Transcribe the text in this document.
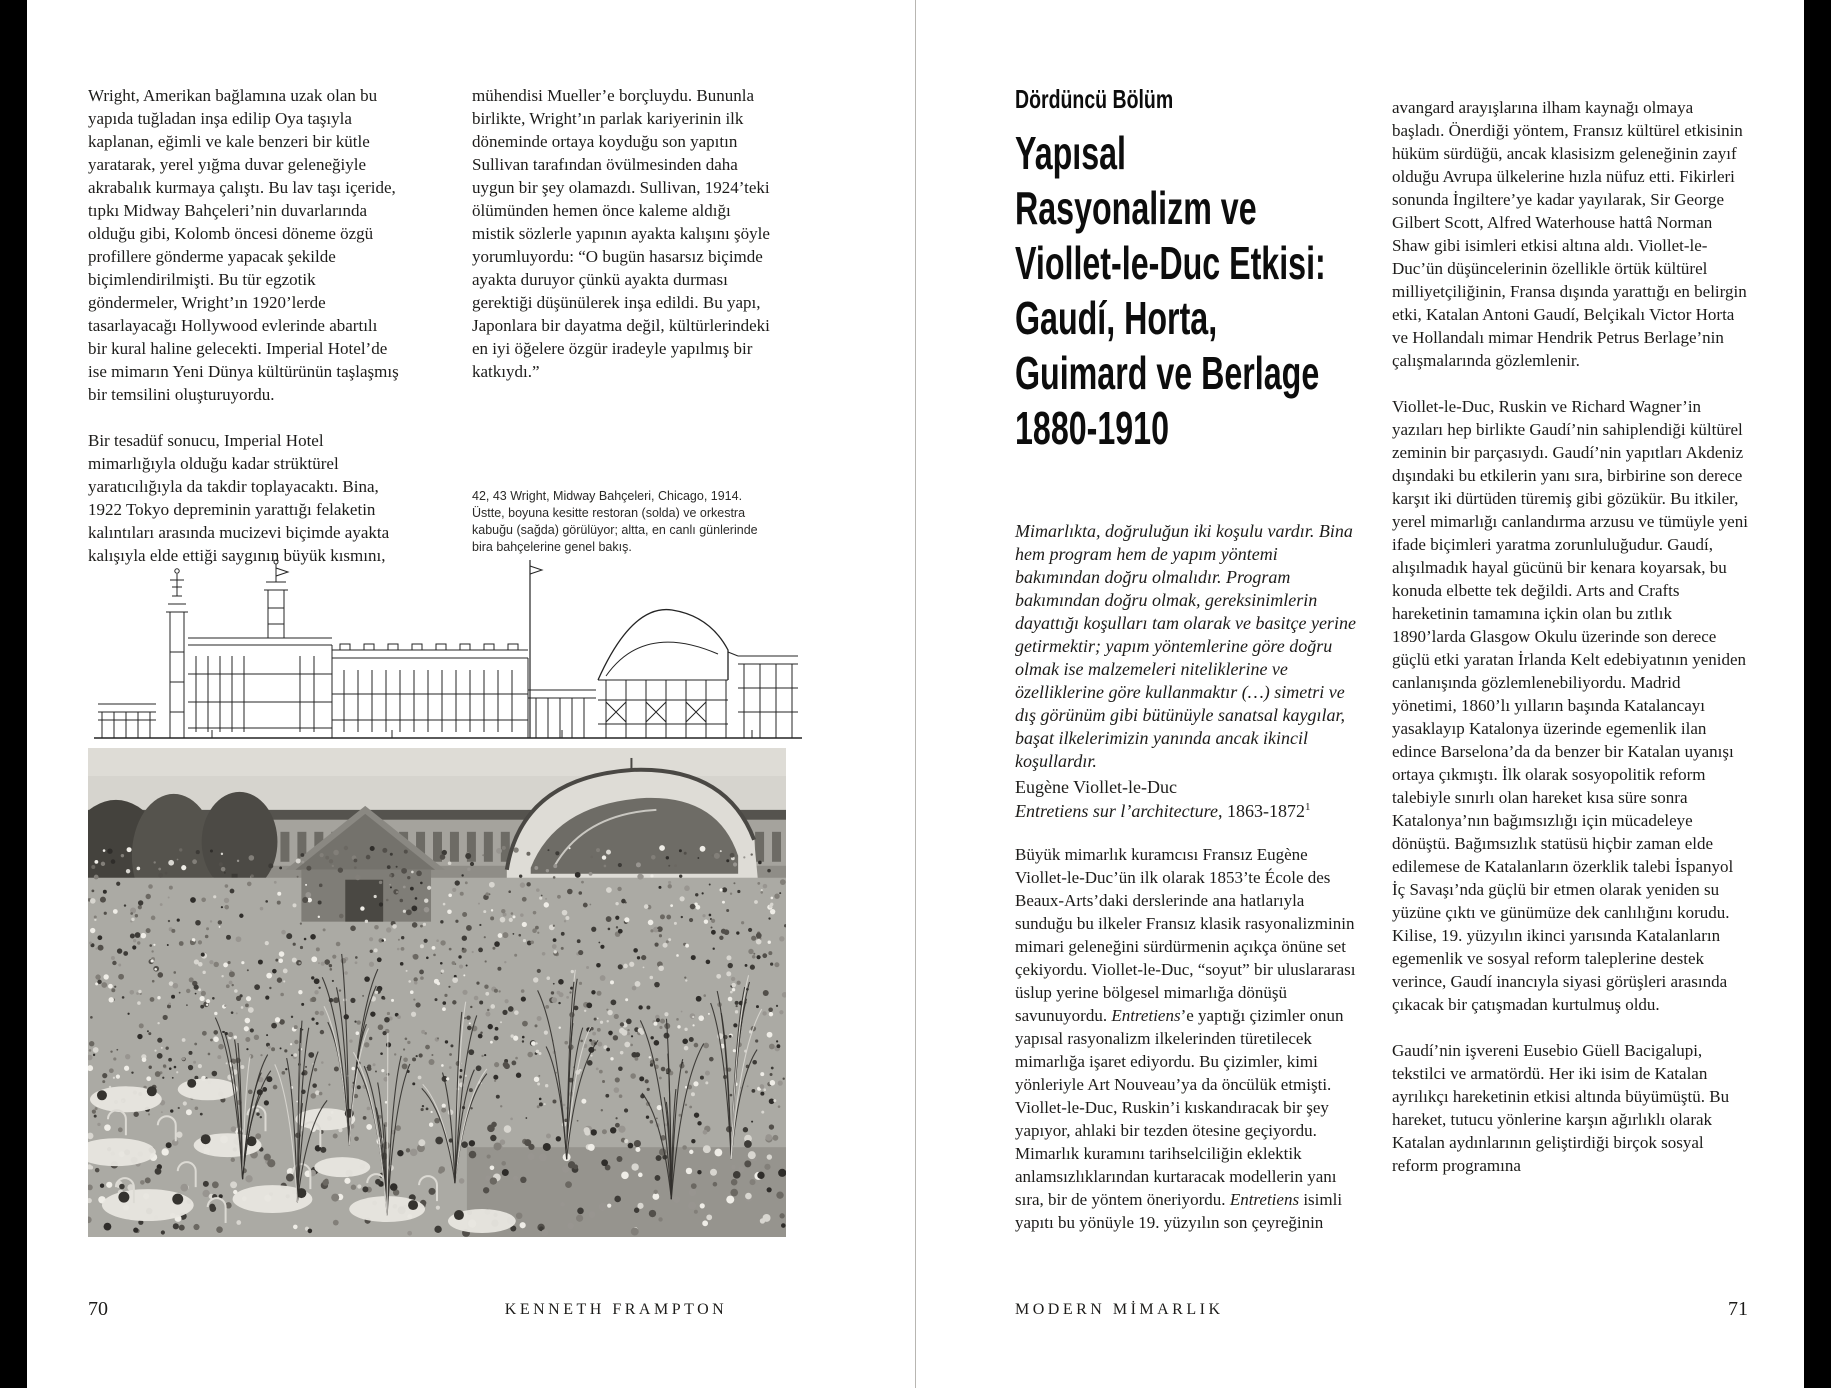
Wright, Amerikan bağlamına uzak olan bu yapıda tuğladan inşa edilip Oya taşıyla kaplanan, eğimli ve kale benzeri bir kütle yaratarak, yerel yığma duvar geleneğiyle akrabalık kurmaya çalıştı. Bu lav taşı içeride, tıpkı Midway Bahçeleri’nin duvarlarında olduğu gibi, Kolomb öncesi döneme özgü profillere gönderme yapacak şekilde biçimlendirilmişti. Bu tür egzotik göndermeler, Wright’ın 1920’lerde tasarlayacağı Hollywood evlerinde abartılı bir kural haline gelecekti. Imperial Hotel’de ise mimarın Yeni Dünya kültürünün taşlaşmış bir temsilini oluşturuyordu.

Bir tesadüf sonucu, Imperial Hotel mimarlığıyla olduğu kadar strüktürel yaratıcılığıyla da takdir toplayacaktı. Bina, 1922 Tokyo depreminin yarattığı felaketin kalıntıları arasında mucizevi biçimde ayakta kalışıyla elde ettiği saygının büyük kısmını,

mühendisi Mueller’e borçluydu. Bununla birlikte, Wright’ın parlak kariyerinin ilk döneminde ortaya koyduğu son yapıtın Sullivan tarafından övülmesinden daha uygun bir şey olamazdı. Sullivan, 1924’teki ölümünden hemen önce kaleme aldığı mistik sözlerle yapının ayakta kalışını şöyle yorumluyordu: “O bugün hasarsız biçimde ayakta duruyor çünkü ayakta durması gerektiği düşünülerek inşa edildi. Bu yapı, Japonlara bir dayatma değil, kültürlerindeki en iyi öğelere özgür iradeyle yapılmış bir katkıydı.”

42, 43 Wright, Midway Bahçeleri, Chicago, 1914. Üstte, boyuna kesitte restoran (solda) ve orkestra kabuğu (sağda) görülüyor; altta, en canlı günlerinde bira bahçelerine genel bakış.
70	KENNETH FRAMPTON
Dördüncü Bölüm
Yapısal
Rasyonalizm ve
Viollet-le-Duc Etkisi:
Gaudí, Horta,
Guimard ve Berlage
1880-1910
Mimarlıkta, doğruluğun iki koşulu vardır. Bina hem program hem de yapım yöntemi bakımından doğru olmalıdır. Program bakımından doğru olmak, gereksinimlerin dayattığı koşulları tam olarak ve basitçe yerine getirmektir; yapım yöntemlerine göre doğru olmak ise malzemeleri niteliklerine ve özelliklerine göre kullanmaktır (…) simetri ve dış görünüm gibi bütünüyle sanatsal kaygılar, başat ilkelerimizin yanında ancak ikincil koşullardır.
Eugène Viollet-le-Duc
Entretiens sur l’architecture, 1863-1872$^1$

Büyük mimarlık kuramcısı Fransız Eugène Viollet-le-Duc’ün ilk olarak 1853’te École des Beaux-Arts’daki derslerinde ana hatlarıyla sunduğu bu ilkeler Fransız klasik rasyonalizminin mimari geleneğini sürdürmenin açıkça önüne set çekiyordu. Viollet-le-Duc, “soyut” bir uluslararası üslup yerine bölgesel mimarlığa dönüşü savunuyordu. Entretiens’e yaptığı çizimler onun yapısal rasyonalizm ilkelerinden türetilecek mimarlığa işaret ediyordu. Bu çizimler, kimi yönleriyle Art Nouveau’ya da öncülük etmişti. Viollet-le-Duc, Ruskin’i kıskandıracak bir şey yapıyor, ahlaki bir tezden ötesine geçiyordu. Mimarlık kuramını tarihselciliğin eklektik anlamsızlıklarından kurtaracak modellerin yanı sıra, bir de yöntem öneriyordu. Entretiens isimli yapıtı bu yönüyle 19. yüzyılın son çeyreğinin

avangard arayışlarına ilham kaynağı olmaya başladı. Önerdiği yöntem, Fransız kültürel etkisinin hüküm sürdüğü, ancak klasisizm geleneğinin zayıf olduğu Avrupa ülkelerine hızla nüfuz etti. Fikirleri sonunda İngiltere’ye kadar yayılarak, Sir George Gilbert Scott, Alfred Waterhouse hattâ Norman Shaw gibi isimleri etkisi altına aldı. Viollet-le-Duc’ün düşüncelerinin özellikle örtük kültürel milliyetçiliğinin, Fransa dışında yarattığı en belirgin etki, Katalan Antoni Gaudí, Belçikalı Victor Horta ve Hollandalı mimar Hendrik Petrus Berlage’nin çalışmalarında gözlemlenir.

Viollet-le-Duc, Ruskin ve Richard Wagner’in yazıları hep birlikte Gaudí’nin sahiplendiği kültürel zeminin bir parçasıydı. Gaudí’nin yapıtları Akdeniz dışındaki bu etkilerin yanı sıra, birbirine son derece karşıt iki dürtüden türemiş gibi gözükür. Bu itkiler, yerel mimarlığı canlandırma arzusu ve tümüyle yeni ifade biçimleri yaratma zorunluluğudur. Gaudí, alışılmadık hayal gücünü bir kenara koyarsak, bu konuda elbette tek değildi. Arts and Crafts hareketinin tamamına içkin olan bu zıtlık 1890’larda Glasgow Okulu üzerinde son derece güçlü etki yaratan İrlanda Kelt edebiyatının yeniden canlanışında gözlemlenebiliyordu. Madrid yönetimi, 1860’lı yılların başında Katalancayı yasaklayıp Katalonya üzerinde egemenlik ilan edince Barselona’da da benzer bir Katalan uyanışı ortaya çıkmıştı. İlk olarak sosyopolitik reform talebiyle sınırlı olan hareket kısa süre sonra Katalonya’nın bağımsızlığı için mücadeleye dönüştü. Bağımsızlık statüsü hiçbir zaman elde edilemese de Katalanların özerklik talebi İspanyol İç Savaşı’nda güçlü bir etmen olarak yeniden su yüzüne çıktı ve günümüze dek canlılığını korudu. Kilise, 19. yüzyılın ikinci yarısında Katalanların egemenlik ve sosyal reform taleplerine destek verince, Gaudí inancıyla siyasi görüşleri arasında çıkacak bir çatışmadan kurtulmuş oldu.

Gaudí’nin işvereni Eusebio Güell Bacigalupi, tekstilci ve armatördü. Her iki isim de Katalan ayrılıkçı hareketinin etkisi altında büyümüştü. Bu hareket, tutucu yönlerine karşın ağırlıklı olarak Katalan aydınlarının geliştirdiği birçok sosyal reform programına

MODERN MİMARLIK	71
